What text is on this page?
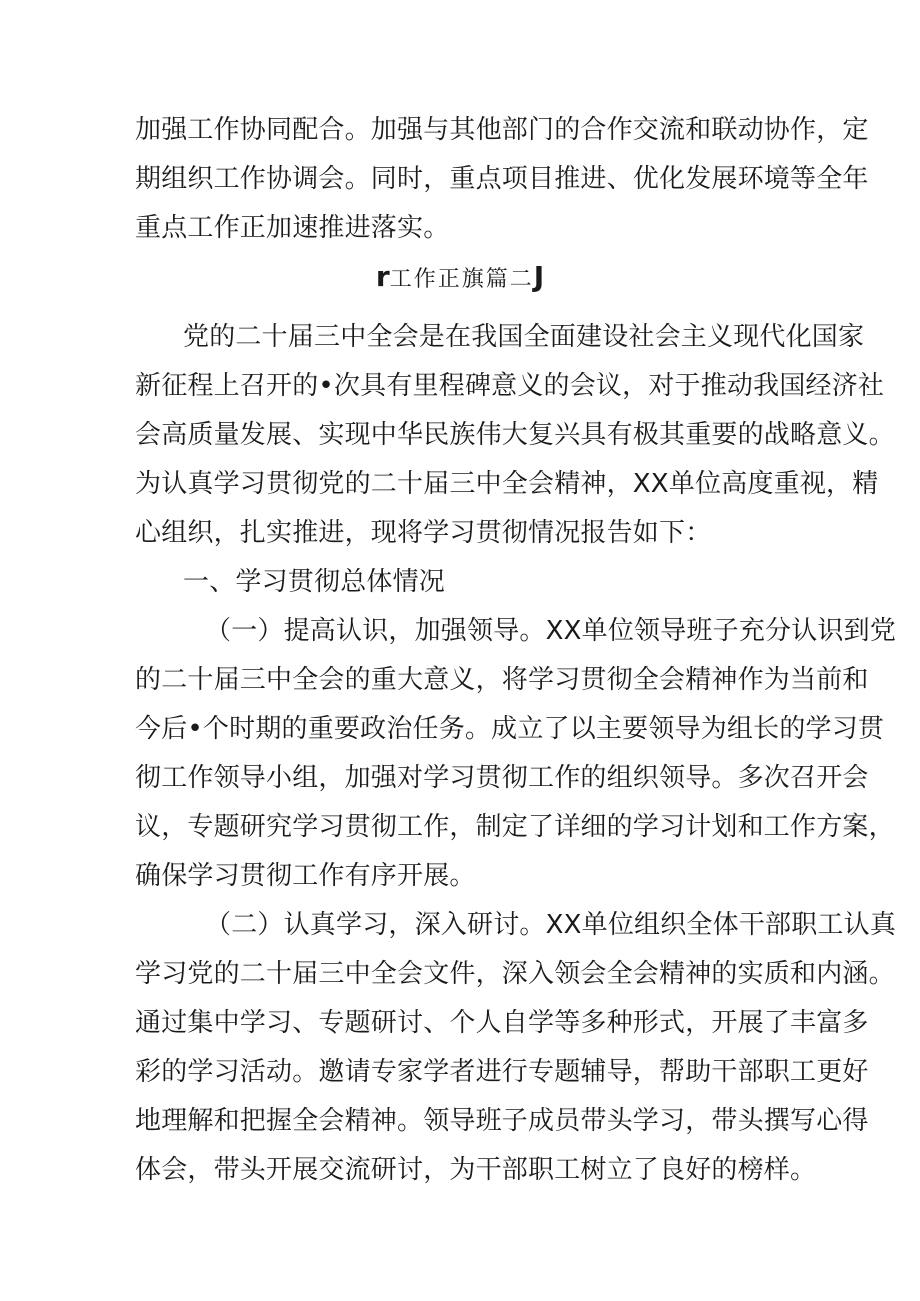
加强工作协同配合。加强与其他部门的合作交流和联动协作，定
期组织工作协调会。同时，重点项目推进、优化发展环境等全年
重点工作正加速推进落实。
r工作正旗篇二J
党的二十届三中全会是在我国全面建设社会主义现代化国家
新征程上召开的•次具有里程碑意义的会议，对于推动我国经济社
会高质量发展、实现中华民族伟大复兴具有极其重要的战略意义。
为认真学习贯彻党的二十届三中全会精神，XX单位高度重视，精
心组织，扎实推进，现将学习贯彻情况报告如下：
一、学习贯彻总体情况
（一）提高认识，加强领导。XX单位领导班子充分认识到党
的二十届三中全会的重大意义，将学习贯彻全会精神作为当前和
今后•个时期的重要政治任务。成立了以主要领导为组长的学习贯
彻工作领导小组，加强对学习贯彻工作的组织领导。多次召开会
议，专题研究学习贯彻工作，制定了详细的学习计划和工作方案，
确保学习贯彻工作有序开展。
（二）认真学习，深入研讨。XX单位组织全体干部职工认真
学习党的二十届三中全会文件，深入领会全会精神的实质和内涵。
通过集中学习、专题研讨、个人自学等多种形式，开展了丰富多
彩的学习活动。邀请专家学者进行专题辅导，帮助干部职工更好
地理解和把握全会精神。领导班子成员带头学习，带头撰写心得
体会，带头开展交流研讨，为干部职工树立了良好的榜样。
